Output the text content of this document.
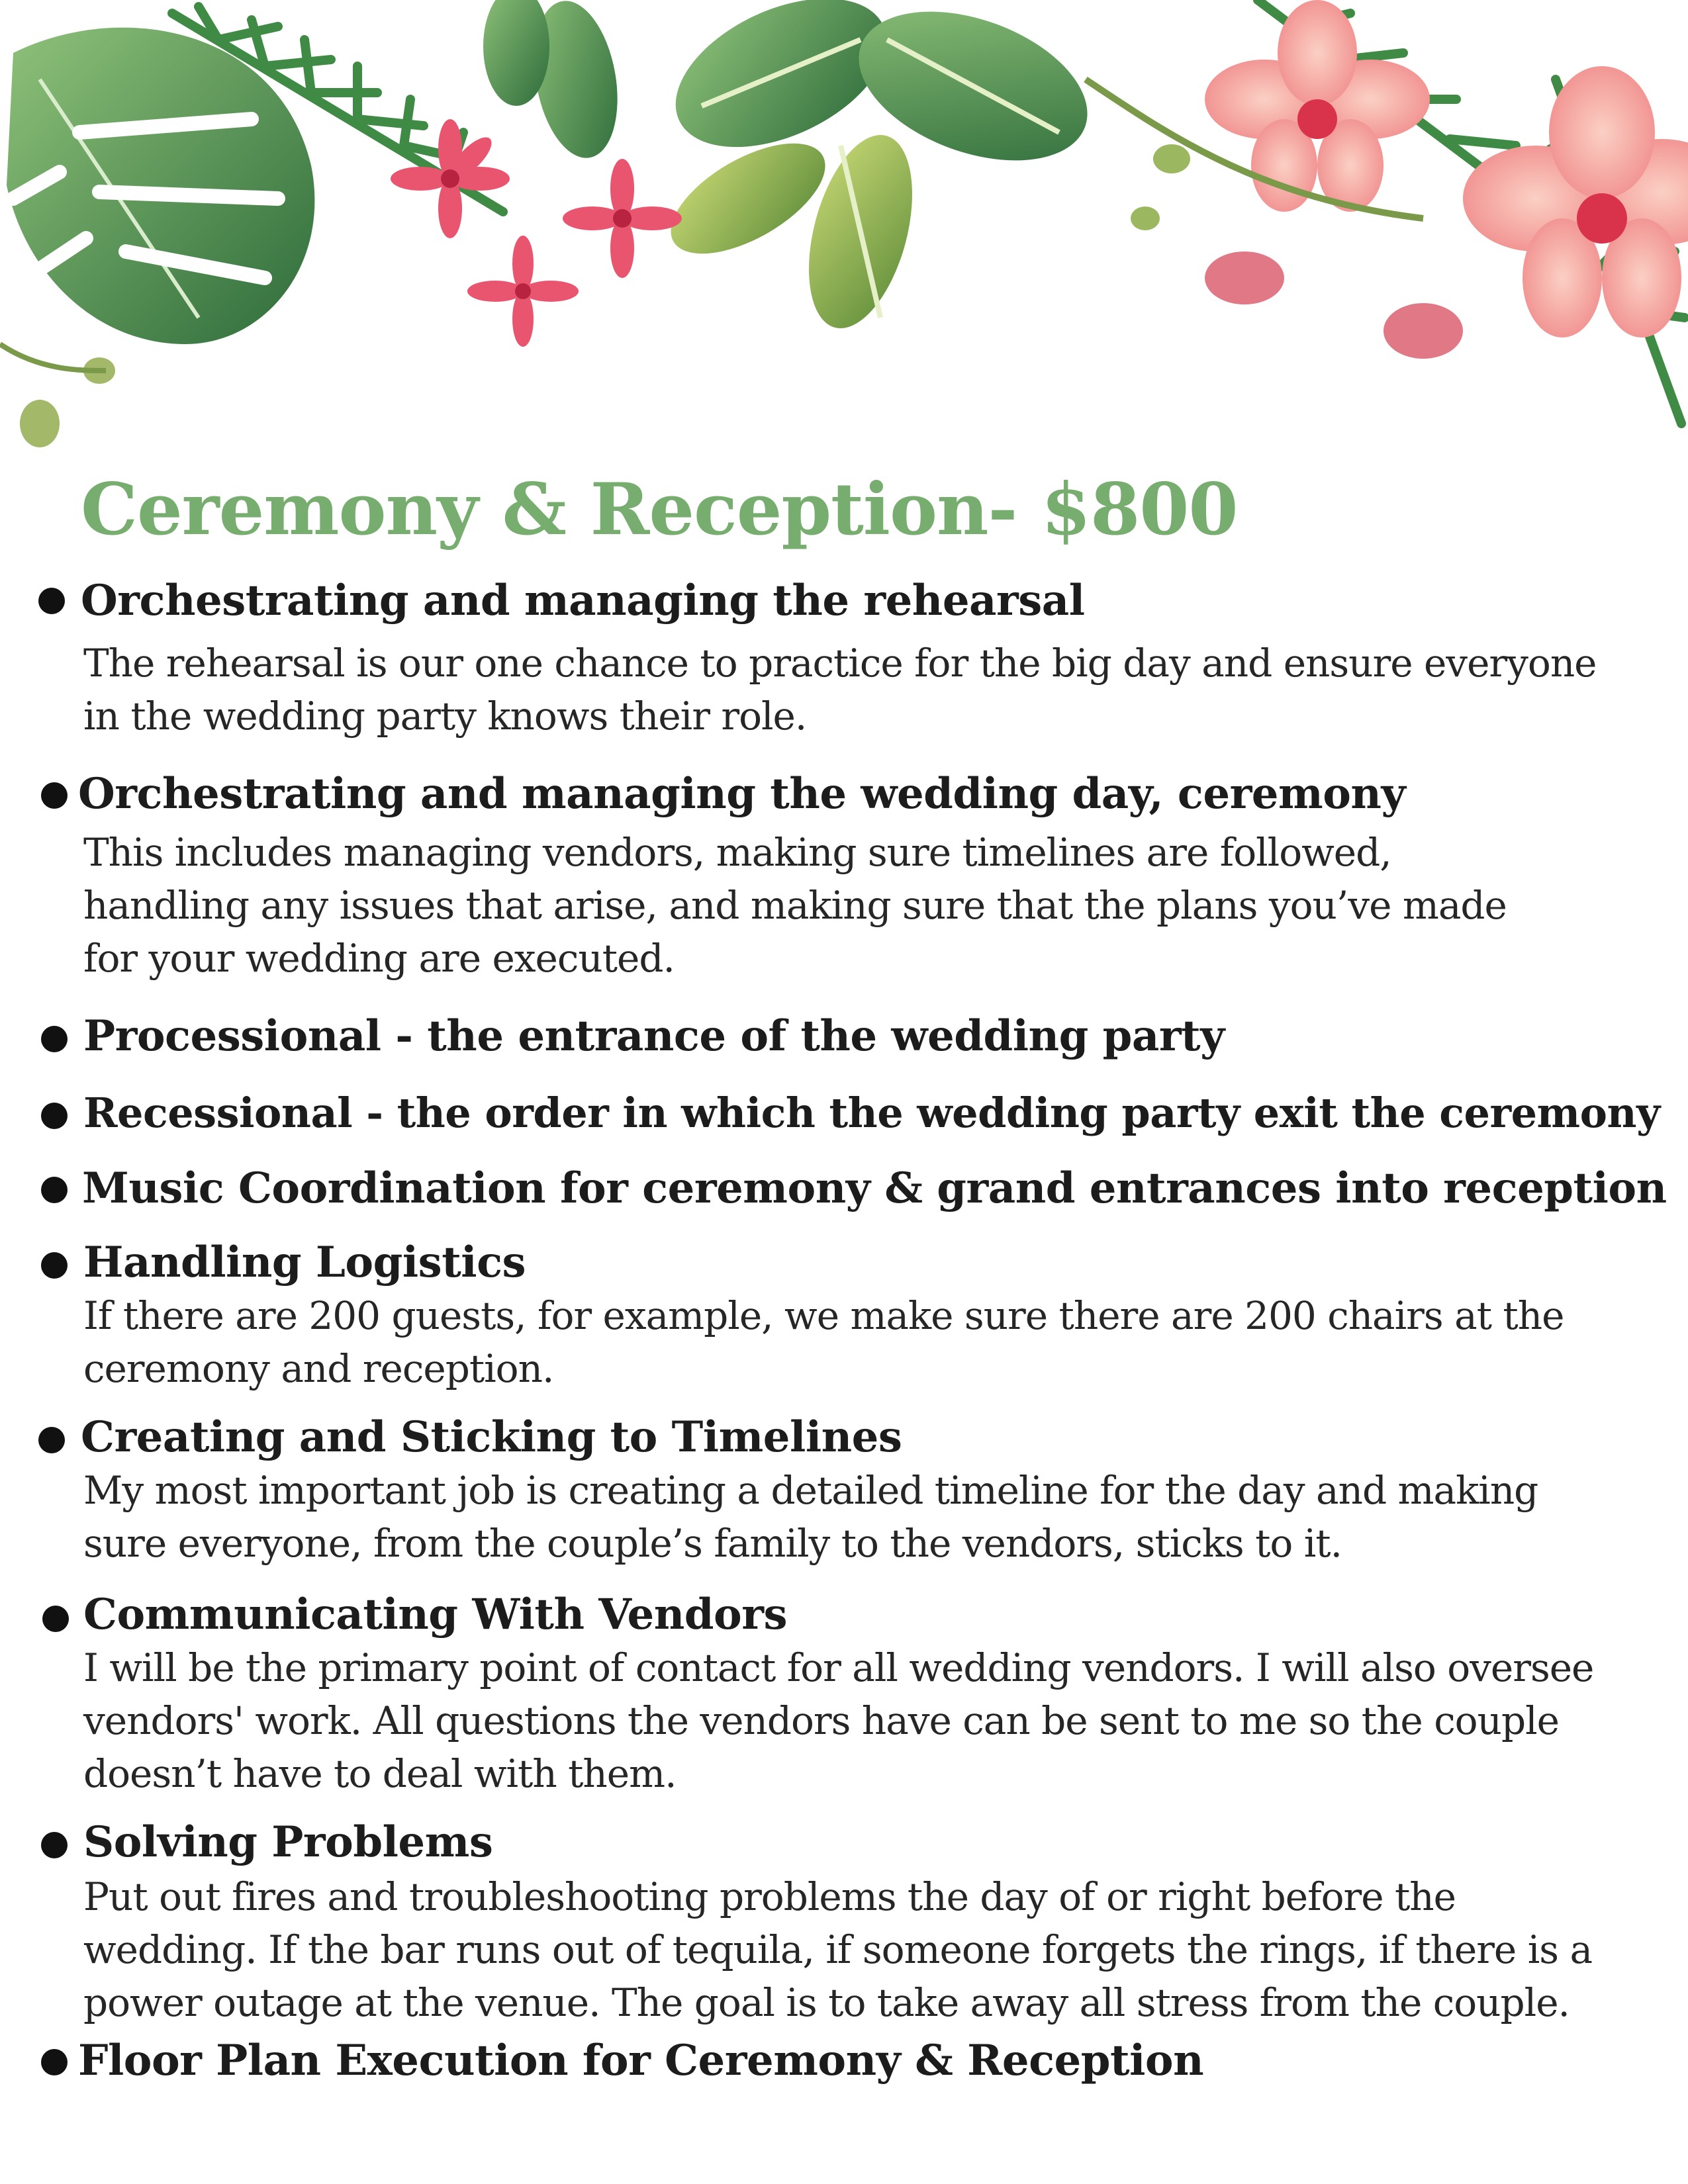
Ceremony & Reception- $800
Orchestrating and managing the rehearsal
The rehearsal is our one chance to practice for the big day and ensure everyone
in the wedding party knows their role.
Orchestrating and managing the wedding day, ceremony
This includes managing vendors, making sure timelines are followed,
handling any issues that arise, and making sure that the plans you’ve made
for your wedding are executed.
Processional - the entrance of the wedding party
Recessional - the order in which the wedding party exit the ceremony
Music Coordination for ceremony & grand entrances into reception
Handling Logistics
If there are 200 guests, for example, we make sure there are 200 chairs at the
ceremony and reception.
Creating and Sticking to Timelines
My most important job is creating a detailed timeline for the day and making
sure everyone, from the couple’s family to the vendors, sticks to it.
Communicating With Vendors
I will be the primary point of contact for all wedding vendors. I will also oversee
vendors' work. All questions the vendors have can be sent to me so the couple
doesn’t have to deal with them.
Solving Problems
Put out fires and troubleshooting problems the day of or right before the
wedding. If the bar runs out of tequila, if someone forgets the rings, if there is a
power outage at the venue. The goal is to take away all stress from the couple.
Floor Plan Execution for Ceremony & Reception
